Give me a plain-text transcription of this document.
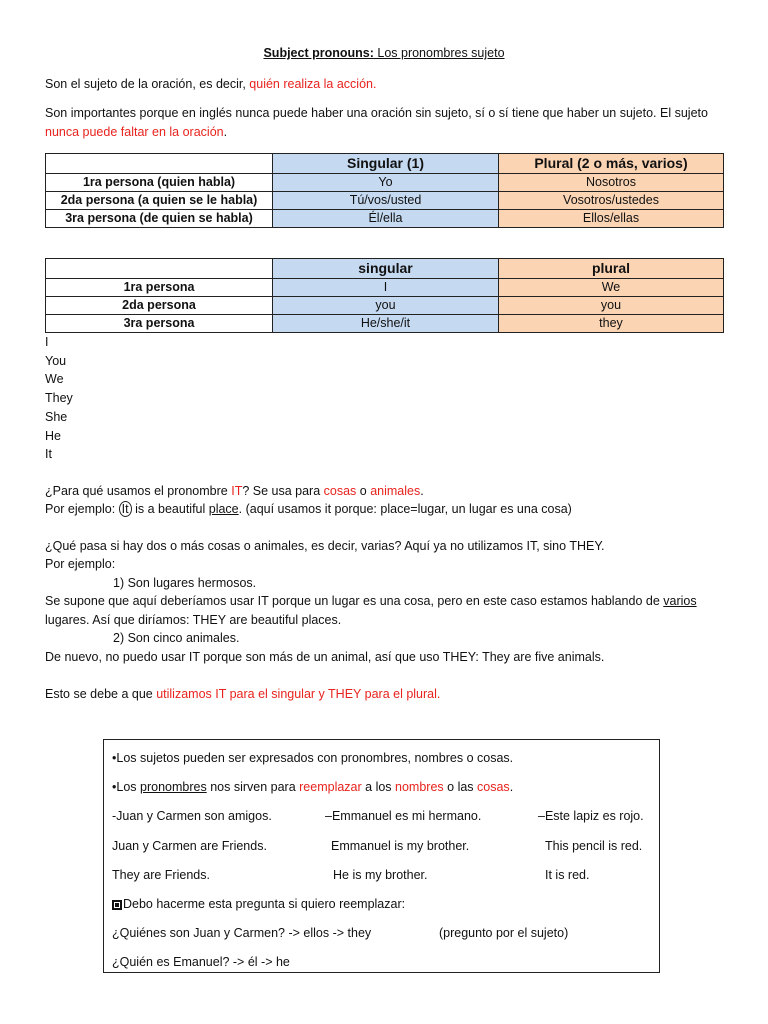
Subject pronouns: Los pronombres sujeto

Son el sujeto de la oración, es decir, quién realiza la acción.

Son importantes porque en inglés nunca puede haber una oración sin sujeto, sí o sí tiene que haber un sujeto. El sujeto nunca puede faltar en la oración.

	Singular (1)	Plural (2 o más, varios)
1ra persona (quien habla)	Yo	Nosotros
2da persona (a quien se le habla)	Tú/vos/usted	Vosotros/ustedes
3ra persona (de quien se habla)	Él/ella	Ellos/ellas
	singular	plural
1ra persona	I	We
2da persona	you	you
3ra persona	He/she/it	they

I

You

We

They

She

He

It

¿Para qué usamos el pronombre IT? Se usa para cosas o animales.

Por ejemplo: It is a beautiful place. (aquí usamos it porque: place=lugar, un lugar es una cosa)

¿Qué pasa si hay dos o más cosas o animales, es decir, varias? Aquí ya no utilizamos IT, sino THEY.

Por ejemplo:

1) Son lugares hermosos.

Se supone que aquí deberíamos usar IT porque un lugar es una cosa, pero en este caso estamos hablando de varios

lugares. Así que diríamos: THEY are beautiful places.

2) Son cinco animales.

De nuevo, no puedo usar IT porque son más de un animal, así que uso THEY: They are five animals.

Esto se debe a que utilizamos IT para el singular y THEY para el plural.

•Los sujetos pueden ser expresados con pronombres, nombres o cosas.
•Los pronombres nos sirven para reemplazar a los nombres o las cosas.
-Juan y Carmen son amigos.	–Emmanuel es mi hermano.	–Este lapiz es rojo.
Juan y Carmen are Friends.	Emmanuel is my brother.	This pencil is red.
They are Friends.	He is my brother.	It is red.
Debo hacerme esta pregunta si quiero reemplazar:
¿Quiénes son Juan y Carmen? -> ellos -> they	(pregunto por el sujeto)
¿Quién es Emanuel? -> él -> he
